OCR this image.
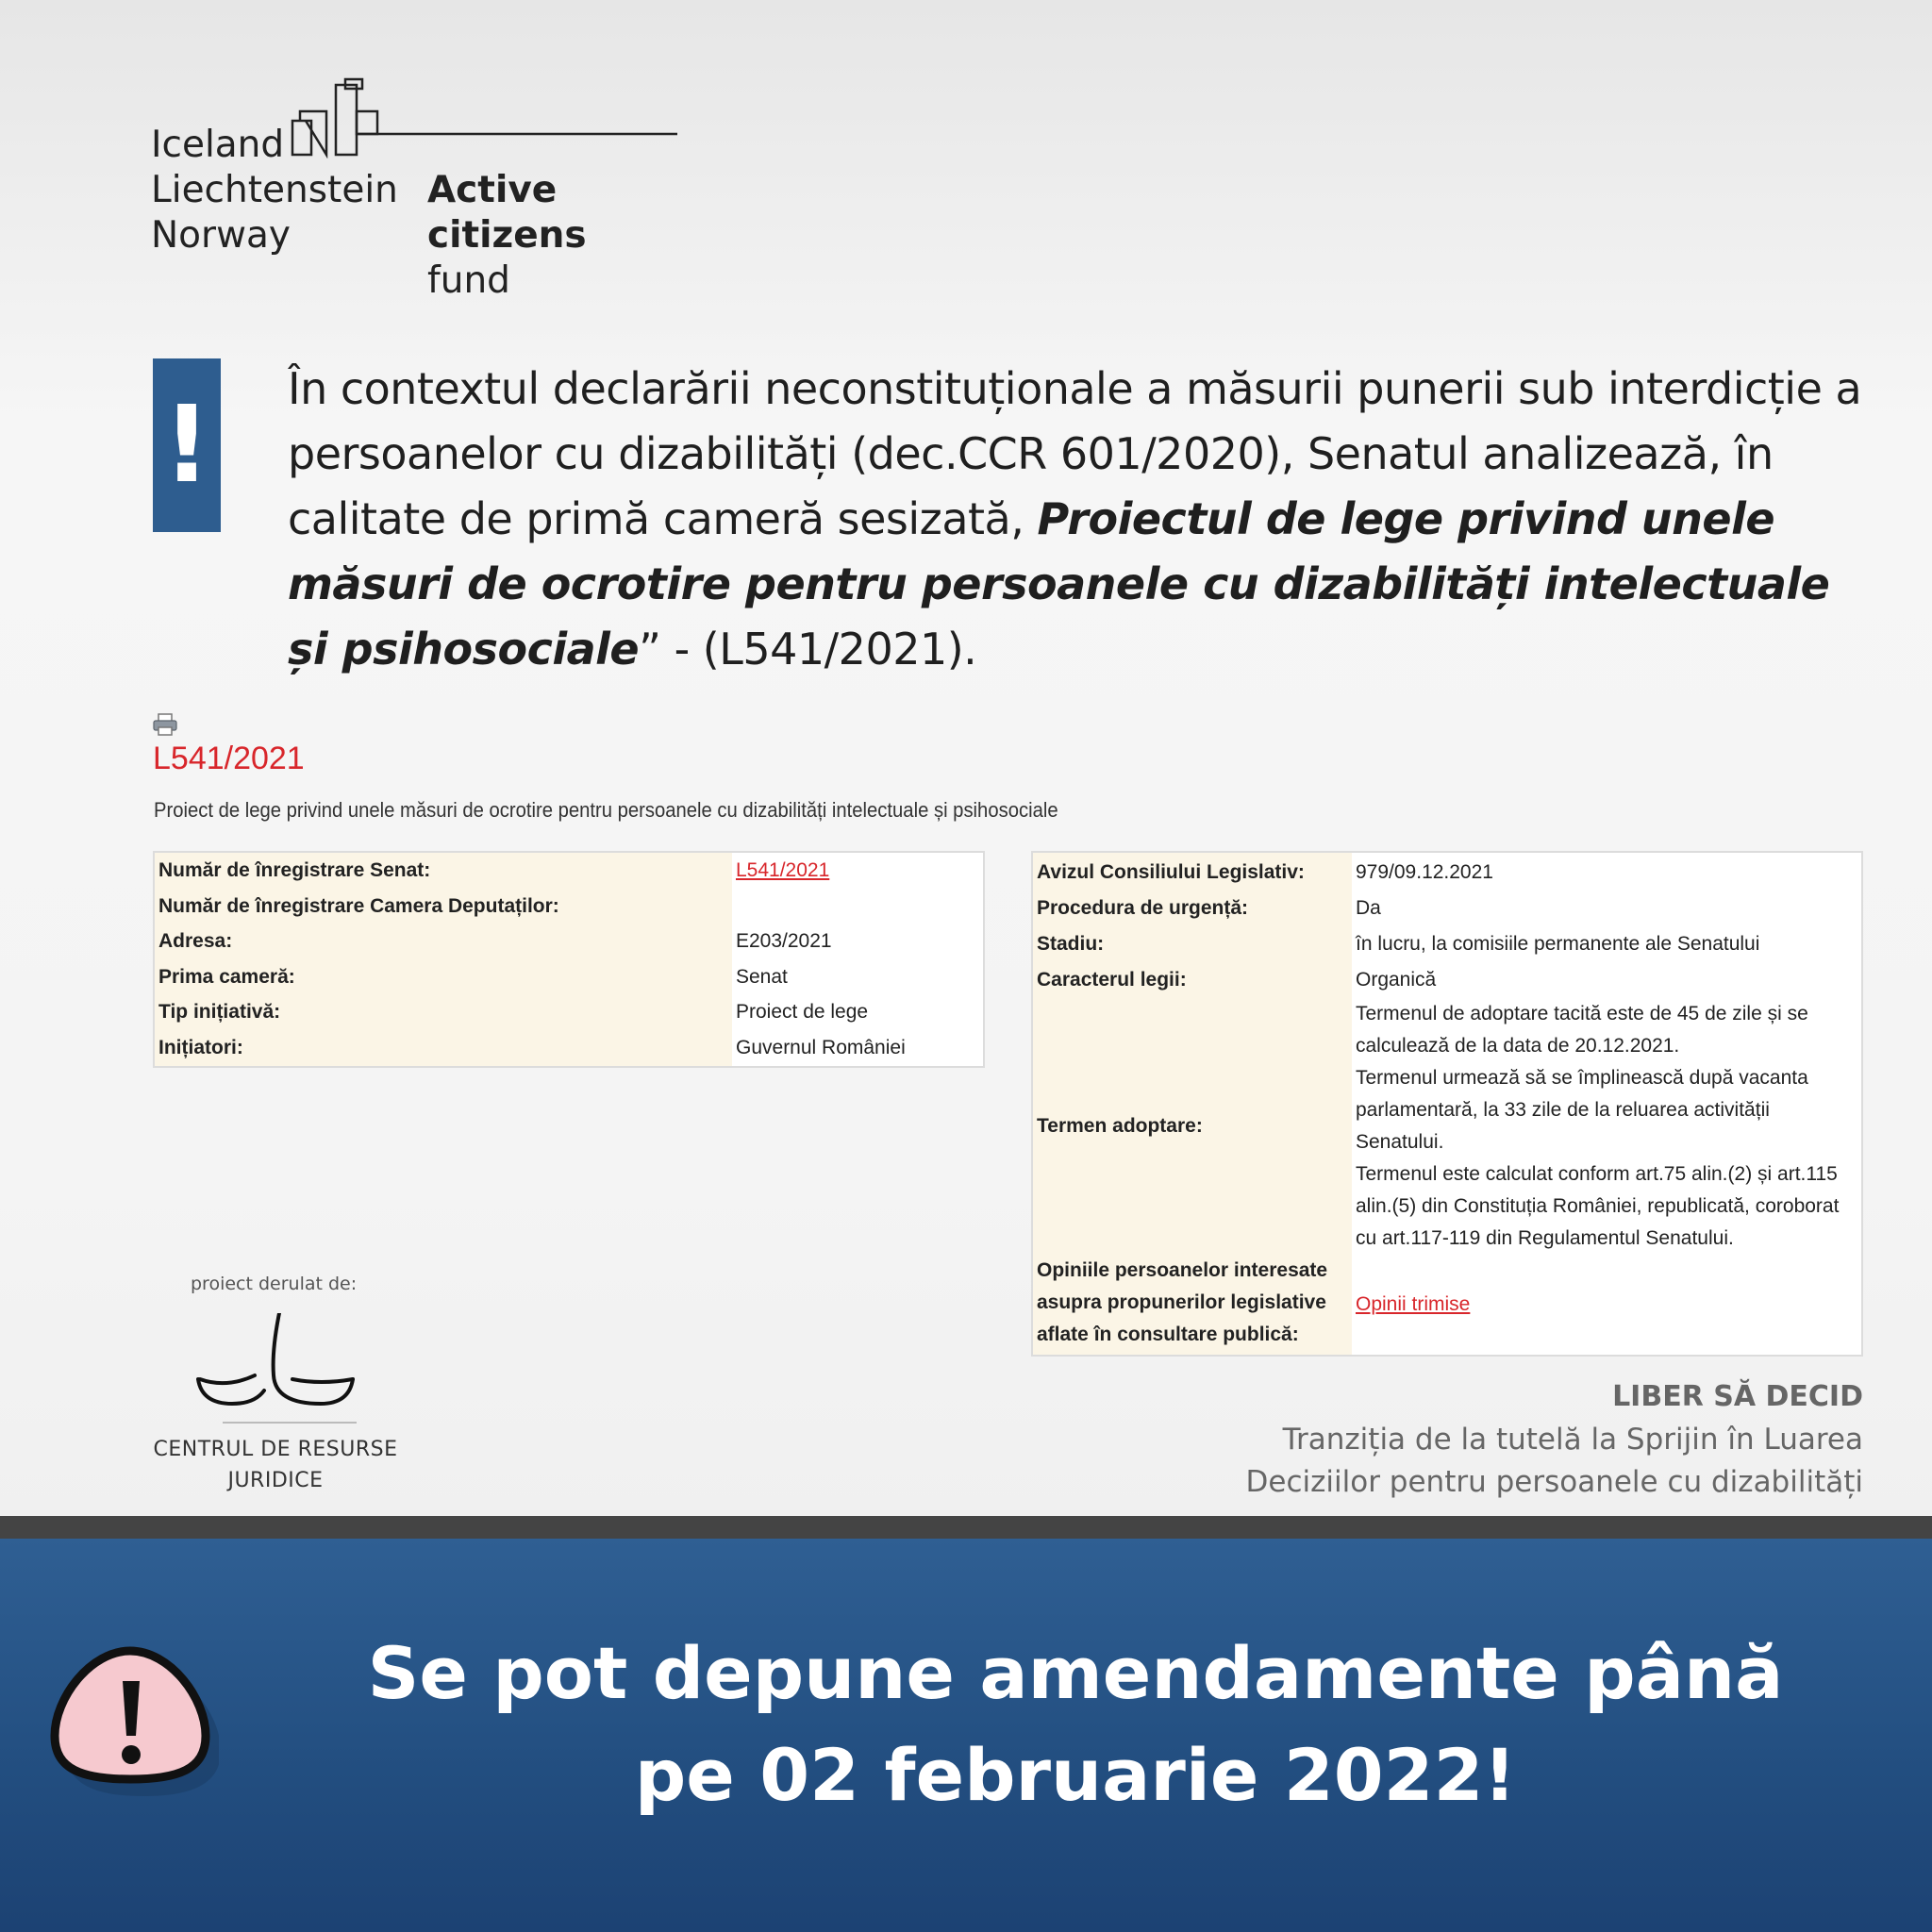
Iceland
Liechtenstein
Norway
Active
citizens fund
! În contextul declarării neconstituționale a măsurii punerii sub interdicție a persoanelor cu dizabilități (dec.CCR 601/2020), Senatul analizează, în calitate de primă cameră sesizată, Proiectul de lege privind unele măsuri de ocrotire pentru persoanele cu dizabilități intelectuale și psihosociale” - (L541/2021).
L541/2021
Proiect de lege privind unele măsuri de ocrotire pentru persoanele cu dizabilități intelectuale și psihosociale
Număr de înregistrare Senat:	L541/2021
Număr de înregistrare Camera Deputaților:	
Adresa:	E203/2021
Prima cameră:	Senat
Tip inițiativă:	Proiect de lege
Inițiatori:	Guvernul României
Avizul Consiliului Legislativ:	979/09.12.2021
Procedura de urgență:	Da
Stadiu:	în lucru, la comisiile permanente ale Senatului
Caracterul legii:	Organică
Termen adoptare:	Termenul de adoptare tacită este de 45 de zile și se calculează de la data de 20.12.2021.
Termenul urmează să se împlinească după vacanta parlamentară, la 33 zile de la reluarea activității Senatului.
Termenul este calculat conform art.75 alin.(2) și art.115 alin.(5) din Constituția României, republicată, coroborat cu art.117-119 din Regulamentul Senatului.

Opiniile persoanelor interesate asupra propunerilor legislative aflate în consultare publică:	Opinii trimise
proiect derulat de:
CENTRUL DE RESURSE
JURIDICE
LIBER SĂ DECID
Tranziția de la tutelă la Sprijin în Luarea
Deciziilor pentru persoanele cu dizabilități
Se pot depune amendamente până
pe 02 februarie 2022!
